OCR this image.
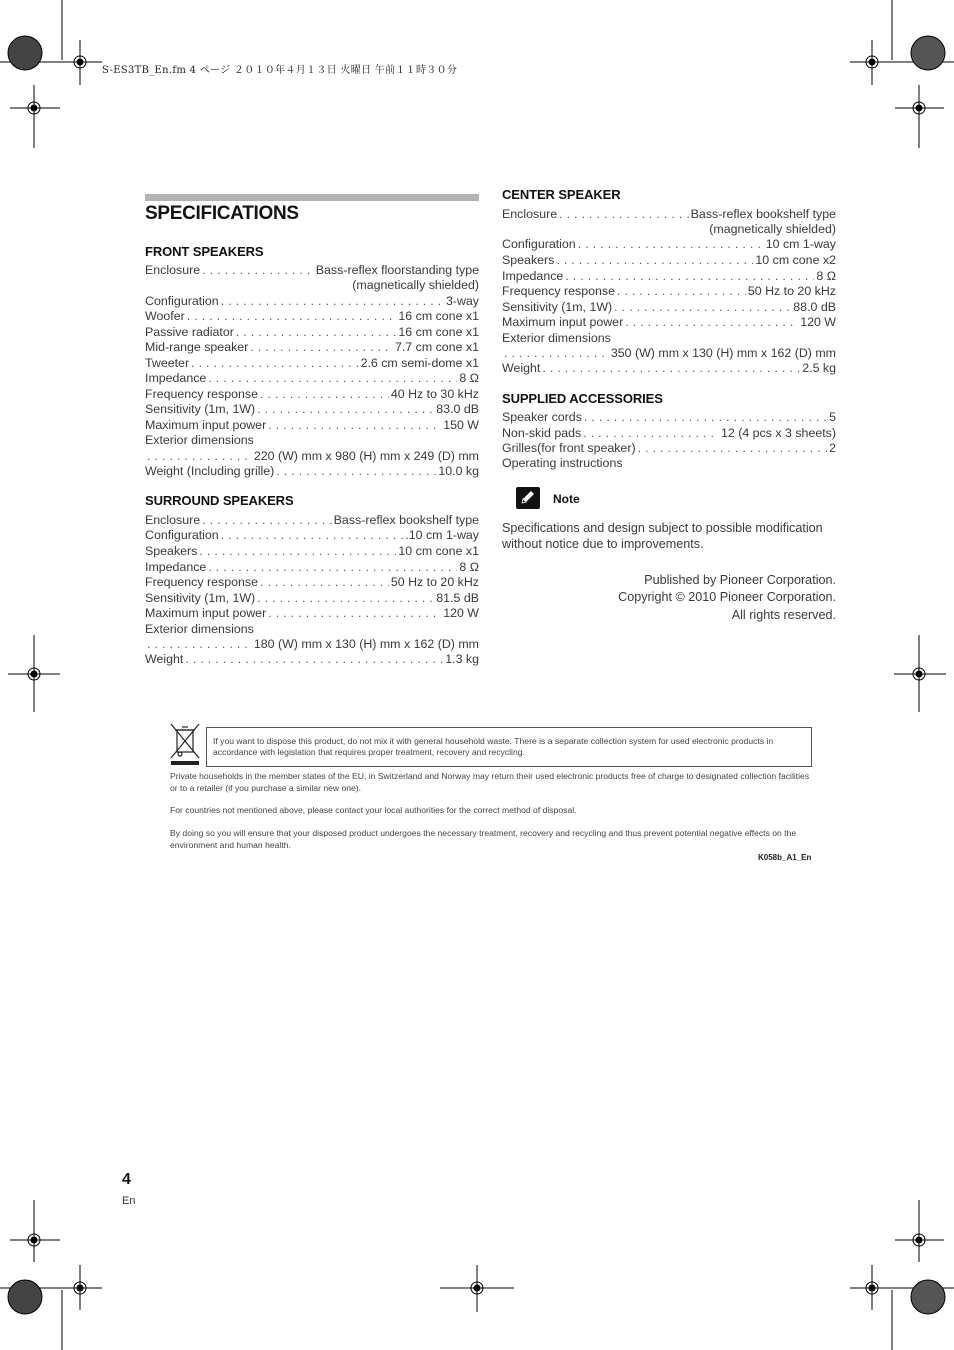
S-ES3TB_En.fm 4 ページ ２０１０年４月１３日 火曜日 午前１１時３０分
SPECIFICATIONS
FRONT SPEAKERS
Enclosure . . .	Bass-reflex floorstanding type
(magnetically shielded)
Configuration . . .	3-way
Woofer . . .	16 cm cone x1
Passive radiator . . .	16 cm cone x1
Mid-range speaker . . .	7.7 cm cone x1
Tweeter . . .	2.6 cm semi-dome x1
Impedance . . .	8 Ω
Frequency response . . .	40 Hz to 30 kHz
Sensitivity (1m, 1W) . . .	83.0 dB
Maximum input power . . .	150 W
Exterior dimensions
. . .
220 (W) mm x 980 (H) mm x 249 (D) mm
Weight (Including grille) . . .	10.0 kg
SURROUND SPEAKERS
Enclosure . . .	Bass-reflex bookshelf type
Configuration . . .	.10 cm 1-way
Speakers . . .	10 cm cone x1
Impedance . . .	8 Ω
Frequency response . . .	50 Hz to 20 kHz
Sensitivity (1m, 1W) . . .	81.5 dB
Maximum input power . . .	120 W
Exterior dimensions
. . .
180 (W) mm x 130 (H) mm x 162 (D) mm
Weight . . .	1.3 kg
CENTER SPEAKER
Enclosure . . .	Bass-reflex bookshelf type
(magnetically shielded)
Configuration . . .	10 cm 1-way
Speakers . . .	10 cm cone x2
Impedance . . .	8 Ω
Frequency response . . .	50 Hz to 20 kHz
Sensitivity (1m, 1W) . . .	88.0 dB
Maximum input power . . .	120 W
Exterior dimensions
. . .
350 (W) mm x 130 (H) mm x 162 (D) mm
Weight . . .	2.5 kg
SUPPLIED ACCESSORIES
Speaker cords . . .	5
Non-skid pads . . .	12 (4 pcs x 3 sheets)
Grilles(for front speaker) . . .	2
Operating instructions
Note
Specifications and design subject to possible modification without notice due to improvements.
Published by Pioneer Corporation.
Copyright © 2010 Pioneer Corporation.
All rights reserved.
If you want to dispose this product, do not mix it with general household waste. There is a separate collection system for used electronic products in accordance with legislation that requires proper treatment, recovery and recycling.
Private households in the member states of the EU, in Switzerland and Norway may return their used electronic products free of charge to designated collection facilities or to a retailer (if you purchase a similar new one).
For countries not mentioned above, please contact your local authorities for the correct method of disposal.
By doing so you will ensure that your disposed product undergoes the necessary treatment, recovery and recycling and thus prevent potential negative effects on the environment and human health.
K058b_A1_En
4
En
